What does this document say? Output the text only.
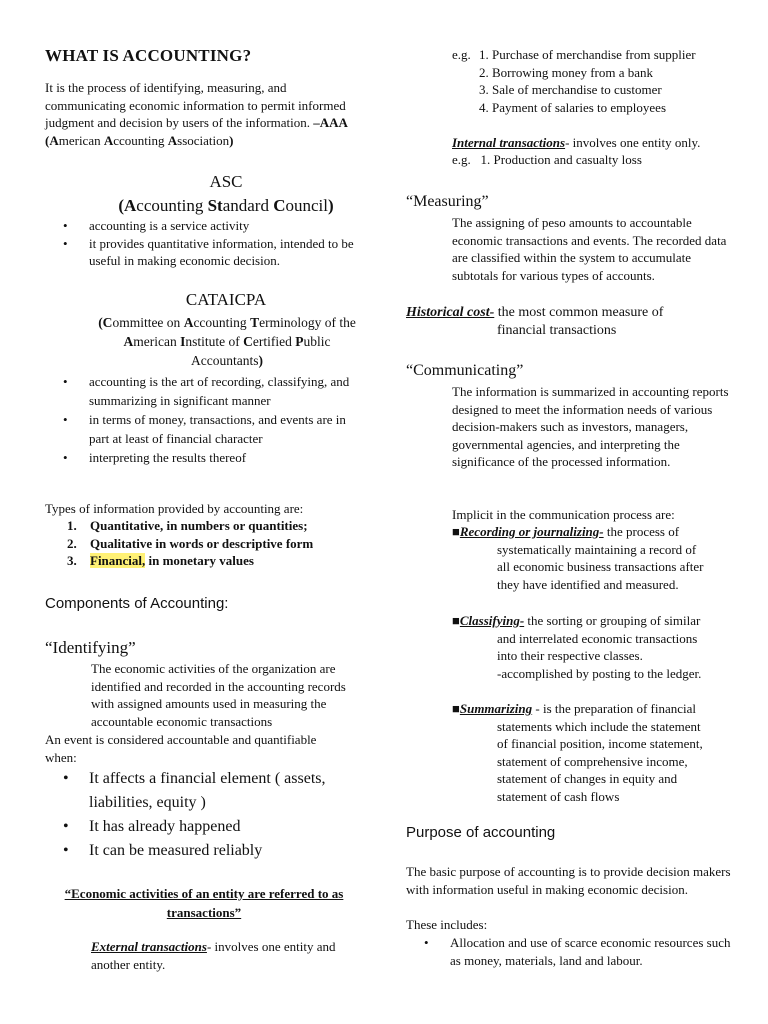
WHAT IS ACCOUNTING?
It is the process of identifying, measuring, and communicating economic information to permit informed judgment and decision by users of the information. –AAA (American Accounting Association)
ASC
(Accounting Standard Council)
• accounting is a service activity
• it provides quantitative information, intended to be useful in making economic decision.
CATAICPA
(Committee on Accounting Terminology of the American Institute of Certified Public Accountants)
• accounting is the art of recording, classifying, and summarizing in significant manner
• in terms of money, transactions, and events are in part at least of financial character
• interpreting the results thereof
Types of information provided by accounting are:
1. Quantitative, in numbers or quantities;
2. Qualitative in words or descriptive form
3. Financial, in monetary values
Components of Accounting:
“Identifying”
The economic activities of the organization are identified and recorded in the accounting records with assigned amounts used in measuring the accountable economic transactions
An event is considered accountable and quantifiable when:
• It affects a financial element ( assets, liabilities, equity )
• It has already happened
• It can be measured reliably
“Economic activities of an entity are referred to as transactions”
External transactions- involves one entity and another entity.
e.g. 1. Purchase of merchandise from supplier
2. Borrowing money from a bank
3. Sale of merchandise to customer
4. Payment of salaries to employees
Internal transactions- involves one entity only.
e.g.   1. Production and casualty loss
“Measuring”
The assigning of peso amounts to accountable economic transactions and events. The recorded data are classified within the system to accumulate subtotals for various types of accounts.
Historical cost- the most common measure of
financial transactions
“Communicating”
The information is summarized in accounting reports designed to meet the information needs of various decision-makers such as investors, managers, governmental agencies, and interpreting the significance of the processed information.
Implicit in the communication process are:
■Recording or journalizing- the process of
systematically maintaining a record of
all economic business transactions after
they have identified and measured.
■Classifying- the sorting or grouping of similar
and interrelated economic transactions
into their respective classes.
-accomplished by posting to the ledger.
■Summarizing - is the preparation of financial
statements which include the statement
of financial position, income statement,
statement of comprehensive income,
statement of changes in equity and
statement of cash flows
Purpose of accounting
The basic purpose of accounting is to provide decision makers with information useful in making economic decision.
These includes:
• Allocation and use of scarce economic resources such as money, materials, land and labour.
